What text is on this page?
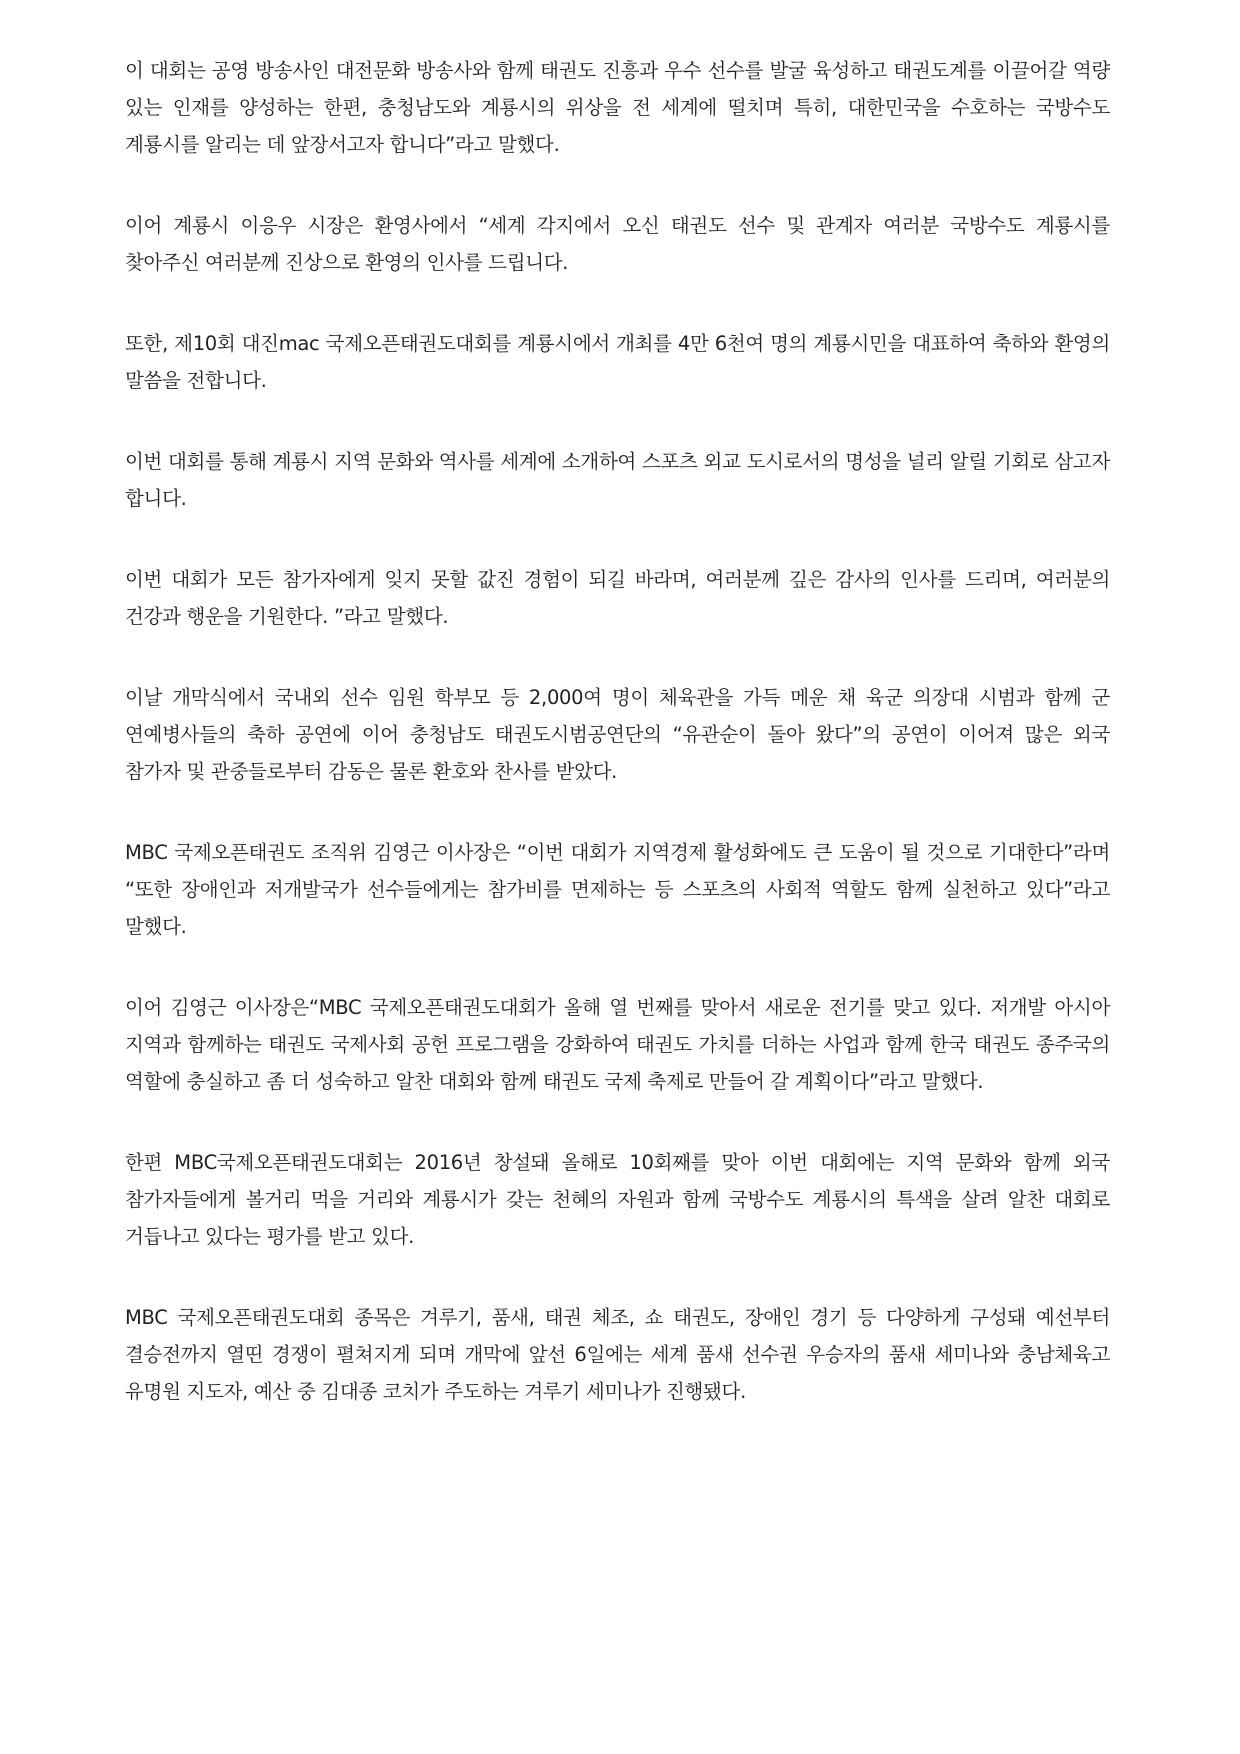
이 대회는 공영 방송사인 대전문화 방송사와 함께 태권도 진흥과 우수 선수를 발굴 육성하고 태권도계를 이끌어갈 역량 있는 인재를 양성하는 한편, 충청남도와 계룡시의 위상을 전 세계에 떨치며 특히, 대한민국을 수호하는 국방수도 계룡시를 알리는 데 앞장서고자 합니다”라고 말했다.

이어 계룡시 이응우 시장은 환영사에서 “세계 각지에서 오신 태권도 선수 및 관계자 여러분 국방수도 계룡시를 찾아주신 여러분께 진상으로 환영의 인사를 드립니다.

또한, 제10회 대진mac 국제오픈태권도대회를 계룡시에서 개최를 4만 6천여 명의 계룡시민을 대표하여 축하와 환영의 말씀을 전합니다.

이번 대회를 통해 계룡시 지역 문화와 역사를 세계에 소개하여 스포츠 외교 도시로서의 명성을 널리 알릴 기회로 삼고자 합니다.

이번 대회가 모든 참가자에게 잊지 못할 값진 경험이 되길 바라며, 여러분께 깊은 감사의 인사를 드리며, 여러분의 건강과 행운을 기원한다. ”라고 말했다.

이날 개막식에서 국내외 선수 임원 학부모 등 2,000여 명이 체육관을 가득 메운 채 육군 의장대 시범과 함께 군 연예병사들의 축하 공연에 이어 충청남도 태권도시범공연단의 “유관순이 돌아 왔다”의 공연이 이어져 많은 외국 참가자 및 관중들로부터 감동은 물론 환호와 찬사를 받았다.

MBC 국제오픈태권도 조직위 김영근 이사장은 “이번 대회가 지역경제 활성화에도 큰 도움이 될 것으로 기대한다”라며 “또한 장애인과 저개발국가 선수들에게는 참가비를 면제하는 등 스포츠의 사회적 역할도 함께 실천하고 있다”라고 말했다.

이어 김영근 이사장은“MBC 국제오픈태권도대회가 올해 열 번째를 맞아서 새로운 전기를 맞고 있다. 저개발 아시아 지역과 함께하는 태권도 국제사회 공헌 프로그램을 강화하여 태권도 가치를 더하는 사업과 함께 한국 태권도 종주국의 역할에 충실하고 좀 더 성숙하고 알찬 대회와 함께 태권도 국제 축제로 만들어 갈 계획이다”라고 말했다.

한편 MBC국제오픈태권도대회는 2016년 창설돼 올해로 10회째를 맞아 이번 대회에는 지역 문화와 함께 외국 참가자들에게 볼거리 먹을 거리와 계룡시가 갖는 천혜의 자원과 함께 국방수도 계룡시의 특색을 살려 알찬 대회로 거듭나고 있다는 평가를 받고 있다.

MBC 국제오픈태권도대회 종목은 겨루기, 품새, 태권 체조, 쇼 태권도, 장애인 경기 등 다양하게 구성돼 예선부터 결승전까지 열띤 경쟁이 펼쳐지게 되며 개막에 앞선 6일에는 세계 품새 선수권 우승자의 품새 세미나와 충남체육고 유명원 지도자, 예산 중 김대종 코치가 주도하는 겨루기 세미나가 진행됐다.
